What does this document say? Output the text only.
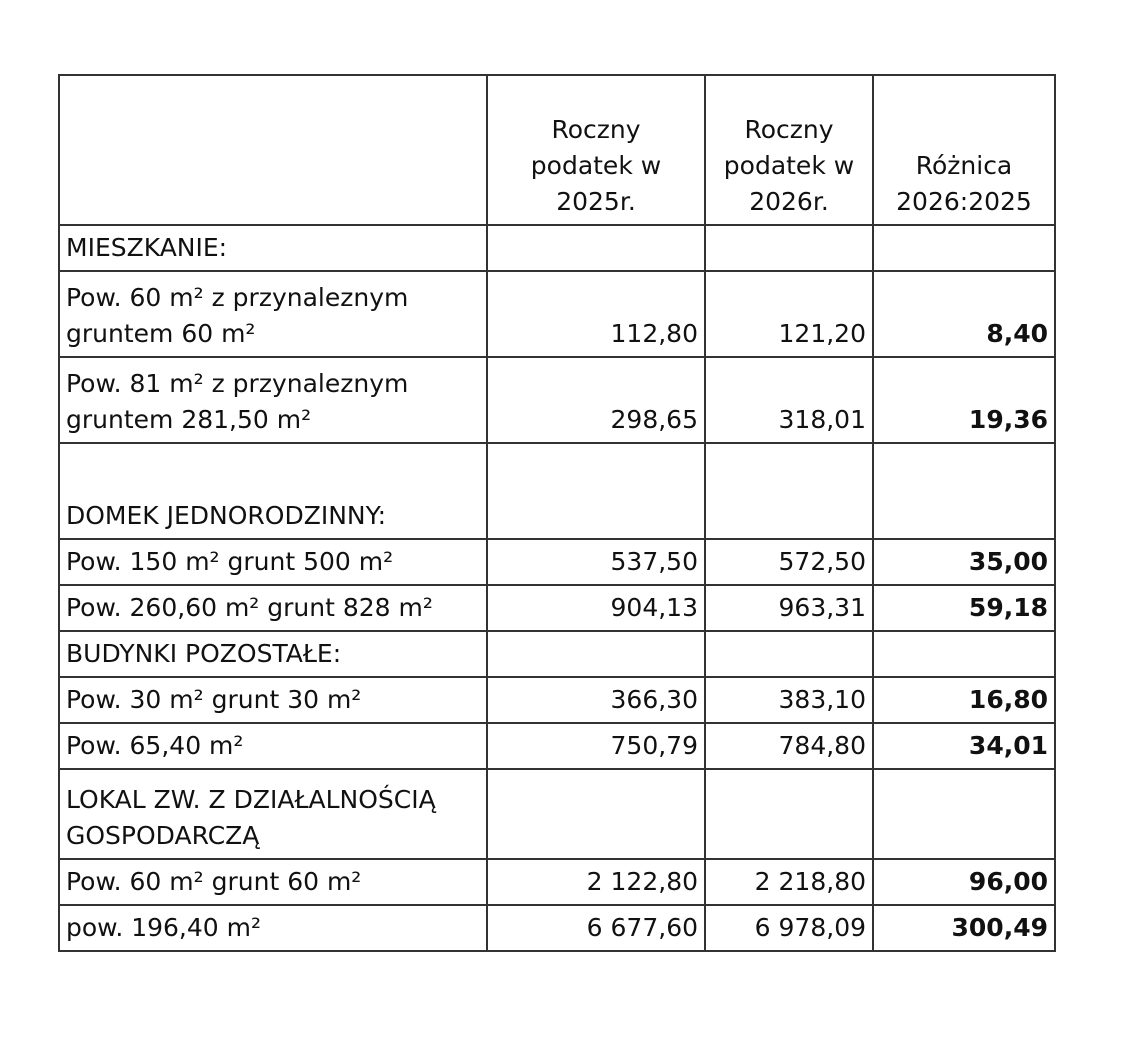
	Roczny
podatek w
2025r.	Roczny
podatek w
2026r.	Różnica
2026:2025

MIESZKANIE:			

Pow. 60 m² z przynaleznym
gruntem 60 m²	112,80	121,20	8,40

Pow. 81 m² z przynaleznym
gruntem 281,50 m²	298,65	318,01	19,36
DOMEK JEDNORODZINNY:			
Pow. 150 m² grunt 500 m²	537,50	572,50	35,00
Pow. 260,60 m² grunt 828 m²	904,13	963,31	59,18
BUDYNKI POZOSTAŁE:			
Pow. 30 m² grunt 30 m²	366,30	383,10	16,80
Pow. 65,40 m²	750,79	784,80	34,01

LOKAL ZW. Z DZIAŁALNOŚCIĄ
GOSPODARCZĄ			

Pow. 60 m² grunt 60 m²	2 122,80	2 218,80	96,00
pow. 196,40 m²	6 677,60	6 978,09	300,49
